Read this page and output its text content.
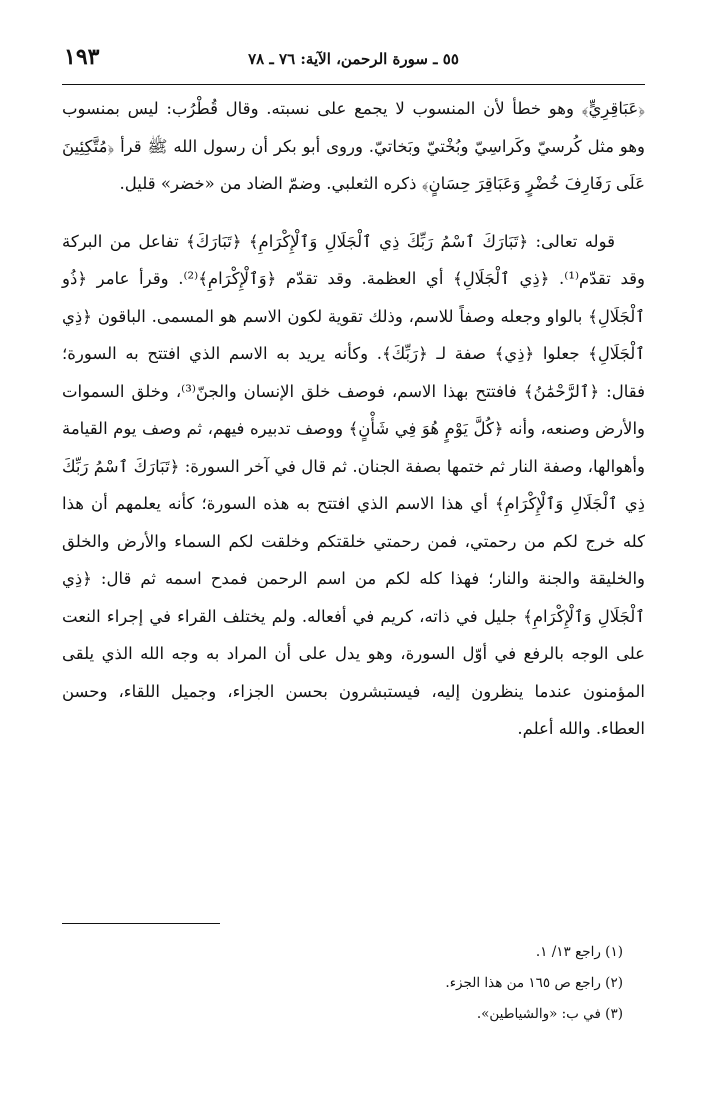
١٩٣	٥٥ ـ سورة الرحمن، الآية: ٧٦ ـ ٧٨

﴿عَبَاقِرِيٍّ﴾ وهو خطأ لأن المنسوب لا يجمع على نسبته. وقال قُطْرُب: ليس بمنسوب وهو مثل كُرسيّ وكَراسِيّ وبُخْتيّ وبَخاتيّ. وروى أبو بكر أن رسول الله ﷺ قرأ ﴿مُتَّكِئِينَ عَلَى رَفَارِفَ خُضْرٍ وَعَبَاقِرَ حِسَانٍ﴾ ذكره الثعلبي. وضمّ الضاد من «خضر» قليل.

قوله تعالى: ﴿تَبَارَكَ ٱسْمُ رَبِّكَ ذِي ٱلْجَلَالِ وَٱلْإِكْرَامِ﴾ ﴿تَبَارَكَ﴾ تفاعل من البركة وقد تقدّم⁽¹⁾. ﴿ذِي ٱلْجَلَالِ﴾ أي العظمة. وقد تقدّم ﴿وَٱلْإِكْرَامِ﴾⁽²⁾. وقرأ عامر ﴿ذُو ٱلْجَلَالِ﴾ بالواو وجعله وصفاً للاسم، وذلك تقوية لكون الاسم هو المسمى. الباقون ﴿ذِي ٱلْجَلَالِ﴾ جعلوا ﴿ذِي﴾ صفة لـ ﴿رَبِّكَ﴾. وكأنه يريد به الاسم الذي افتتح به السورة؛ فقال: ﴿ٱلرَّحْمَٰنُ﴾ فافتتح بهذا الاسم، فوصف خلق الإنسان والجنّ⁽³⁾، وخلق السموات والأرض وصنعه، وأنه ﴿كُلَّ يَوْمٍ هُوَ فِي شَأْنٍ﴾ ووصف تدبيره فيهم، ثم وصف يوم القيامة وأهوالها، وصفة النار ثم ختمها بصفة الجنان. ثم قال في آخر السورة: ﴿تَبَارَكَ ٱسْمُ رَبِّكَ ذِي ٱلْجَلَالِ وَٱلْإِكْرَامِ﴾ أي هذا الاسم الذي افتتح به هذه السورة؛ كأنه يعلمهم أن هذا كله خرج لكم من رحمتي، فمن رحمتي خلقتكم وخلقت لكم السماء والأرض والخلق والخليقة والجنة والنار؛ فهذا كله لكم من اسم الرحمن فمدح اسمه ثم قال: ﴿ذِي ٱلْجَلَالِ وَٱلْإِكْرَامِ﴾ جليل في ذاته، كريم في أفعاله. ولم يختلف القراء في إجراء النعت على الوجه بالرفع في أوّل السورة، وهو يدل على أن المراد به وجه الله الذي يلقى المؤمنون عندما ينظرون إليه، فيستبشرون بحسن الجزاء، وجميل اللقاء، وحسن العطاء. والله أعلم.

(١) راجع ١٣/ ١.

(٢) راجع ص ١٦٥ من هذا الجزء.

(٣) في ب: «والشياطين».
